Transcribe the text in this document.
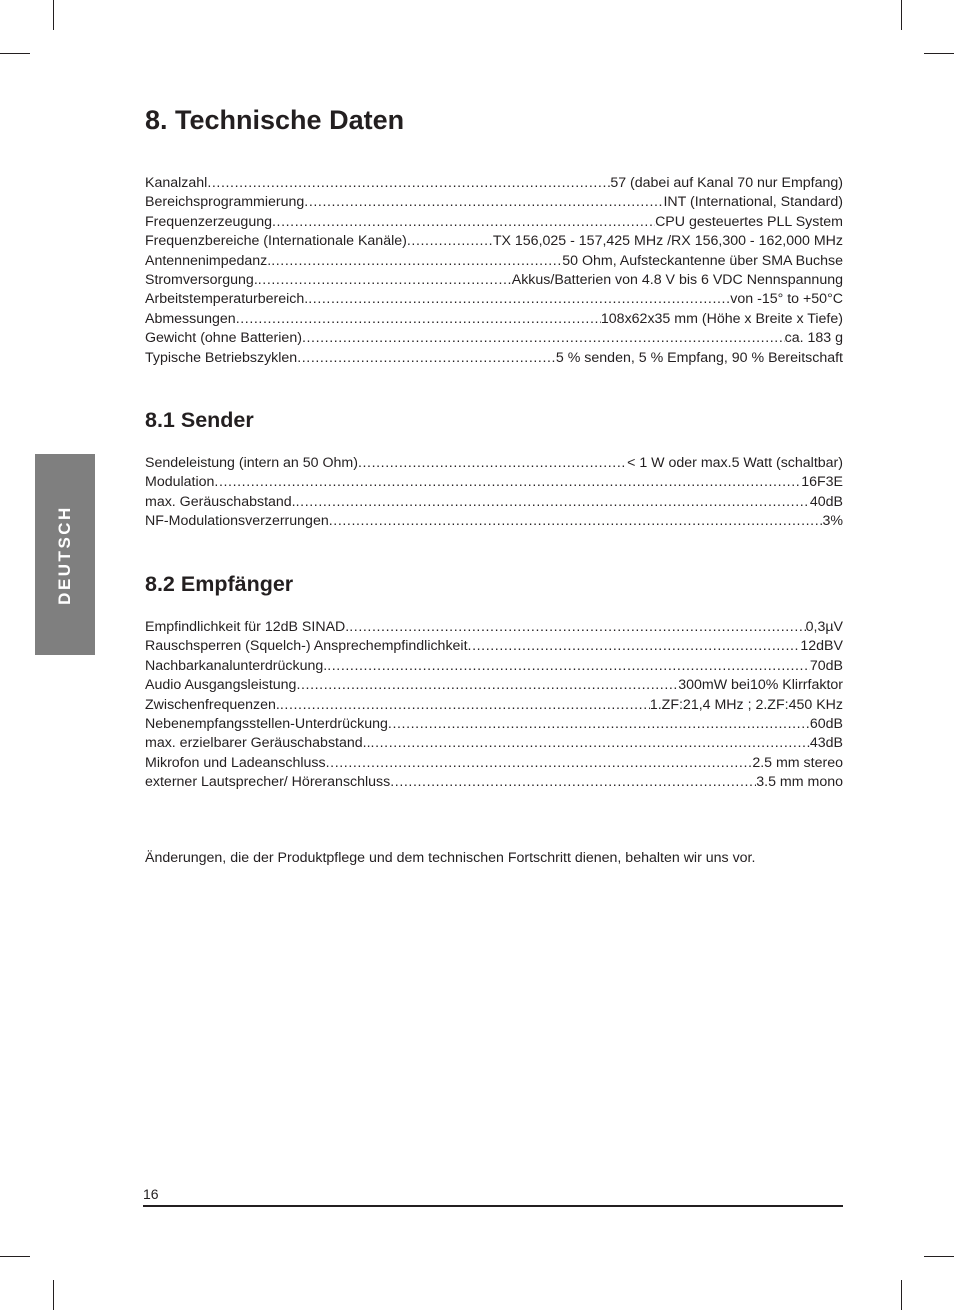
DEUTSCH
8. Technische Daten
Kanalzahl .....	57 (dabei auf Kanal 70 nur Empfang)
Bereichsprogrammierung .....	INT (International, Standard)
Frequenzerzeugung .....	CPU gesteuertes PLL System
Frequenzbereiche (Internationale Kanäle) .....	TX 156,025 - 157,425 MHz /RX 156,300 - 162,000 MHz
Antennenimpedanz. .....	50 Ohm, Aufsteckantenne über SMA Buchse
Stromversorgung. .....	Akkus/Batterien von 4.8 V bis 6 VDC Nennspannung
Arbeitstemperaturbereich. .....	von -15° to +50°C
Abmessungen .....	108x62x35 mm (Höhe x Breite x Tiefe)
Gewicht (ohne Batterien) .....	ca. 183 g
Typische Betriebszyklen .....	5 % senden, 5 % Empfang, 90 % Bereitschaft
8.1 Sender
Sendeleistung (intern an 50 Ohm) .....	< 1 W oder max.5 Watt (schaltbar)
Modulation .....	16F3E
max. Geräuschabstand. .....	40dB
NF-Modulationsverzerrungen .....	3%
8.2 Empfänger
Empfindlichkeit für 12dB SINAD. .....	0,3µV
Rauschsperren (Squelch-) Ansprechempfindlichkeit .....	12dBV
Nachbarkanalunterdrückung. .....	70dB
Audio Ausgangsleistung .....	300mW bei10% Klirrfaktor
Zwischenfrequenzen. .....	1.ZF:21,4 MHz ; 2.ZF:450 KHz
Nebenempfangsstellen-Unterdrückung .....	60dB
max. erzielbarer Geräuschabstand.. .....	43dB
Mikrofon und Ladeanschluss .....	2.5 mm stereo
externer Lautsprecher/ Höreranschluss .....	3.5 mm mono

Änderungen, die der Produktpflege und dem technischen Fortschritt dienen, behalten wir uns vor.

16
